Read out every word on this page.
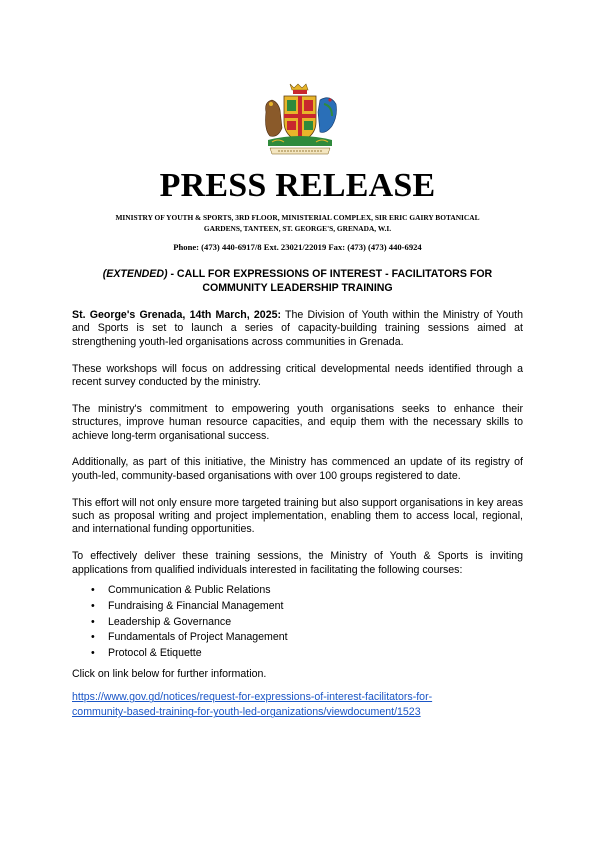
PRESS RELEASE
MINISTRY OF YOUTH & SPORTS, 3RD FLOOR, MINISTERIAL COMPLEX, SIR ERIC GAIRY BOTANICAL
GARDENS, TANTEEN, ST. GEORGE'S, GRENADA, W.I.
Phone: (473) 440-6917/8 Ext. 23021/22019 Fax: (473) (473) 440-6924
(EXTENDED) - CALL FOR EXPRESSIONS OF INTEREST - FACILITATORS FOR COMMUNITY LEADERSHIP TRAINING

St. George's Grenada, 14th March, 2025: The Division of Youth within the Ministry of Youth and Sports is set to launch a series of capacity-building training sessions aimed at strengthening youth-led organisations across communities in Grenada.

These workshops will focus on addressing critical developmental needs identified through a recent survey conducted by the ministry.

The ministry's commitment to empowering youth organisations seeks to enhance their structures, improve human resource capacities, and equip them with the necessary skills to achieve long-term organisational success.

Additionally, as part of this initiative, the Ministry has commenced an update of its registry of youth-led, community-based organisations with over 100 groups registered to date.

This effort will not only ensure more targeted training but also support organisations in key areas such as proposal writing and project implementation, enabling them to access local, regional, and international funding opportunities.

To effectively deliver these training sessions, the Ministry of Youth & Sports is inviting applications from qualified individuals interested in facilitating the following courses:

• Communication & Public Relations
• Fundraising & Financial Management
• Leadership & Governance
• Fundamentals of Project Management
• Protocol & Etiquette
Click on link below for further information.
https://www.gov.gd/notices/request-for-expressions-of-interest-facilitators-for-
community-based-training-for-youth-led-organizations/viewdocument/1523
